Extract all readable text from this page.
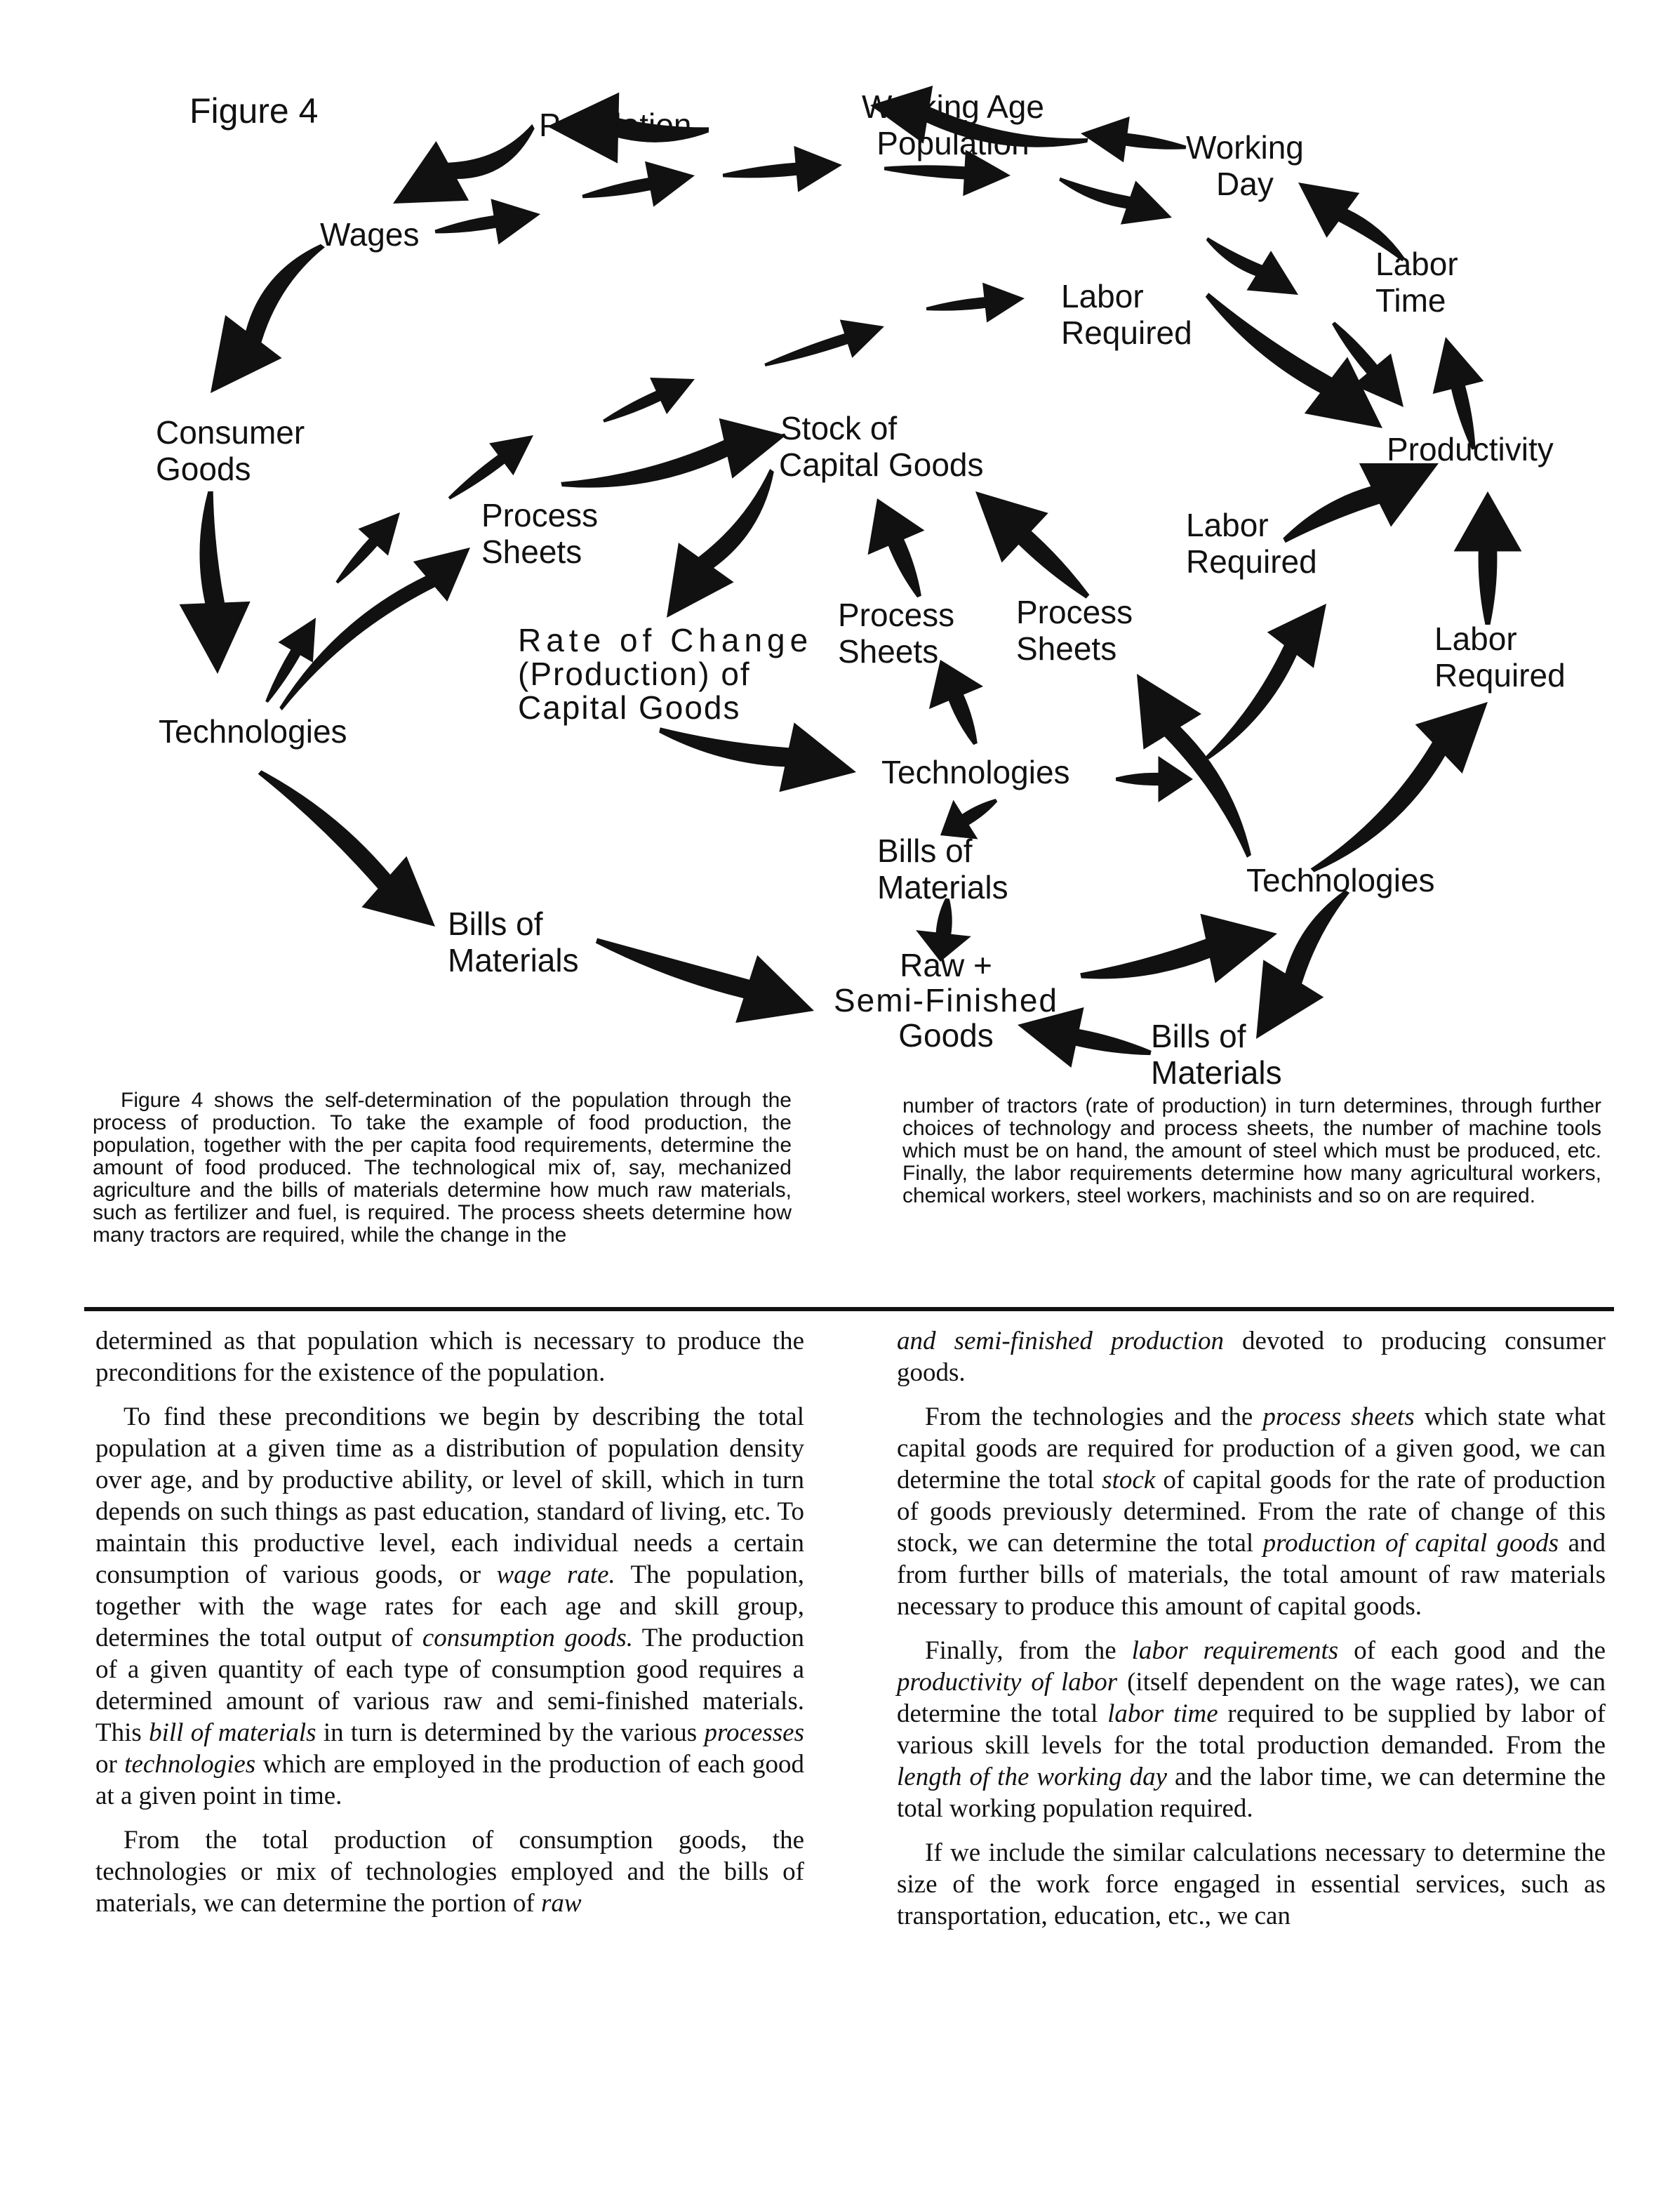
Figure 4	Population	Working Age
Population	Working
Day
Wages
Labor
Time
Labor
Required
Consumer
Goods
Stock of
Capital Goods	Productivity
Process
Sheets
Labor
Required
Rate of Change
(Production) of
Capital Goods
Process
Sheets
Process
Sheets	Labor
Required
Technologies
Technologies
Bills of
Materials	Technologies
Bills of
Materials	Raw +
Semi-Finished
Goods	Bills of
Materials
Figure 4 shows the self-determination of the population through the process of production. To take the example of food production, the population, together with the per capita food requirements, determine the amount of food produced. The technological mix of, say, mechanized agriculture and the bills of materials determine how much raw materials, such as fertilizer and fuel, is required. The process sheets determine how many tractors are required, while the change in the
number of tractors (rate of production) in turn determines, through further choices of technology and process sheets, the number of machine tools which must be on hand, the amount of steel which must be produced, etc. Finally, the labor requirements determine how many agricultural workers, chemical workers, steel workers, machinists and so on are required.

determined as that population which is necessary to produce the preconditions for the existence of the population.

To find these preconditions we begin by describing the total population at a given time as a distribution of population density over age, and by productive ability, or level of skill, which in turn depends on such things as past education, standard of living, etc. To maintain this productive level, each individual needs a certain consumption of various goods, or wage rate. The population, together with the wage rates for each age and skill group, determines the total output of consumption goods. The production of a given quantity of each type of consumption good requires a determined amount of various raw and semi-finished materials. This bill of materials in turn is determined by the various processes or technologies which are employed in the production of each good at a given point in time.

From the total production of consumption goods, the technologies or mix of technologies employed and the bills of materials, we can determine the portion of raw

and semi-finished production devoted to producing consumer goods.

From the technologies and the process sheets which state what capital goods are required for production of a given good, we can determine the total stock of capital goods for the rate of production of goods previously determined. From the rate of change of this stock, we can determine the total production of capital goods and from further bills of materials, the total amount of raw materials necessary to produce this amount of capital goods.

Finally, from the labor requirements of each good and the productivity of labor (itself dependent on the wage rates), we can determine the total labor time required to be supplied by labor of various skill levels for the total production demanded. From the length of the working day and the labor time, we can determine the total working population required.

If we include the similar calculations necessary to determine the size of the work force engaged in essential services, such as transportation, education, etc., we can
